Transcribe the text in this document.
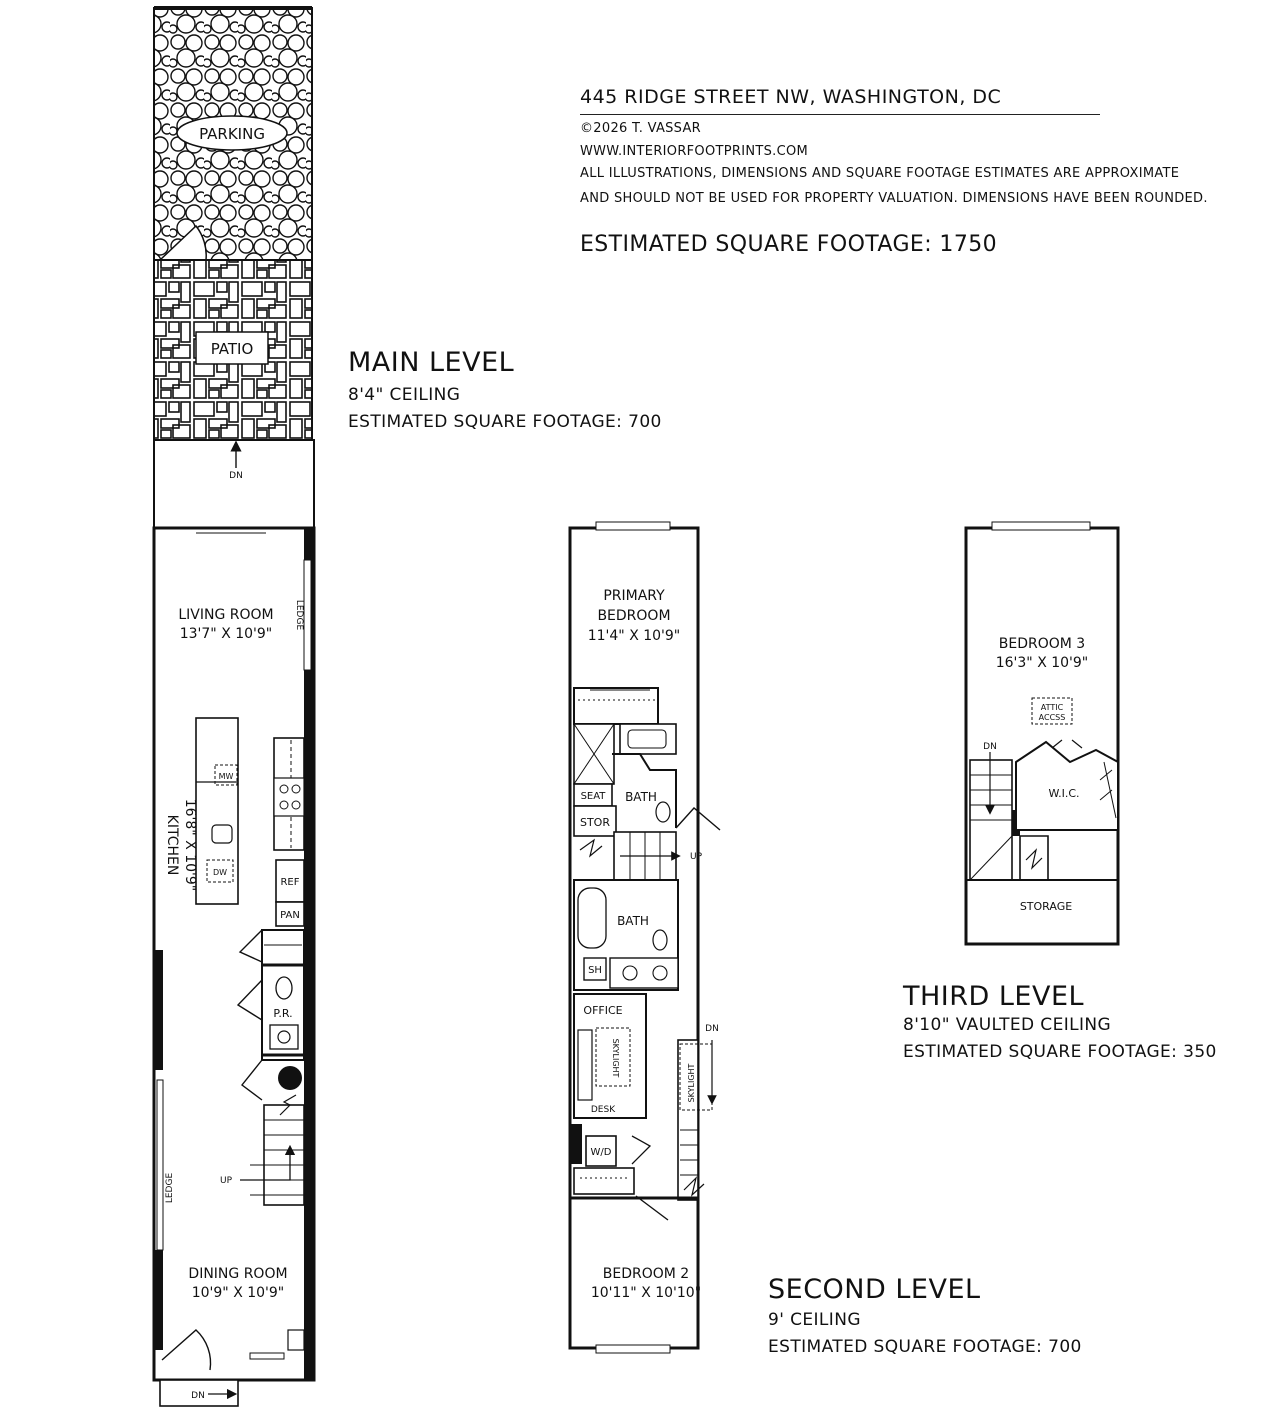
445 RIDGE STREET NW, WASHINGTON, DC
©2026 T. VASSAR
WWW.INTERIORFOOTPRINTS.COM
ALL ILLUSTRATIONS, DIMENSIONS AND SQUARE FOOTAGE ESTIMATES ARE APPROXIMATE
AND SHOULD NOT BE USED FOR PROPERTY VALUATION. DIMENSIONS HAVE BEEN ROUNDED.
ESTIMATED SQUARE FOOTAGE: 1750
MAIN LEVEL
8'4" CEILING
ESTIMATED SQUARE FOOTAGE: 700
THIRD LEVEL
8'10" VAULTED CEILING
ESTIMATED SQUARE FOOTAGE: 350
SECOND LEVEL
9' CEILING
ESTIMATED SQUARE FOOTAGE: 700
PARKING
PATIO
DN
LEDGE
LIVING ROOM
13'7" X 10'9"
MW
DW
KITCHEN 16'8" X 10'9"	REF
PAN
P.R.
UP
LEDGE
DINING ROOM
10'9" X 10'9"
DN
PRIMARY
BEDROOM
11'4" X 10'9"
SEAT BATH
STOR
UP
BATH
SH
OFFICE
SKYLIGHT
DESK
SKYLIGHT
DN
W/D
BEDROOM 2
10'11" X 10'10"
BEDROOM 3
16'3" X 10'9"
ATTIC
ACCSS
DN
W.I.C.
STORAGE
